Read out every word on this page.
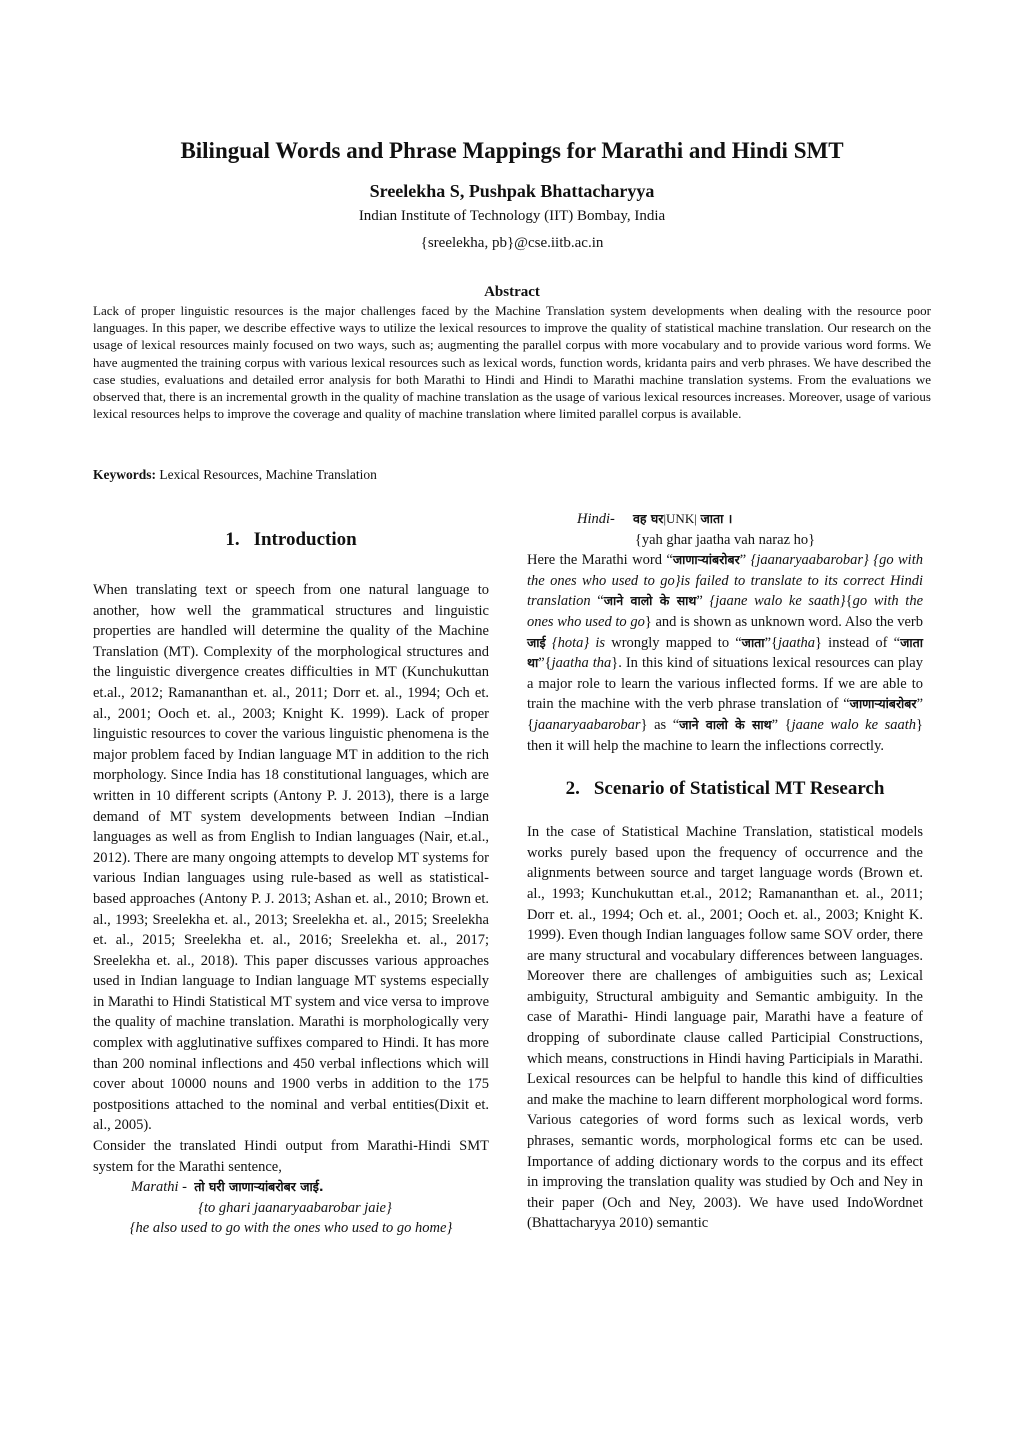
Bilingual Words and Phrase Mappings for Marathi and Hindi SMT
Sreelekha S, Pushpak Bhattacharyya
Indian Institute of Technology (IIT) Bombay, India
{sreelekha, pb}@cse.iitb.ac.in
Abstract
Lack of proper linguistic resources is the major challenges faced by the Machine Translation system developments when dealing with the resource poor languages. In this paper, we describe effective ways to utilize the lexical resources to improve the quality of statistical machine translation. Our research on the usage of lexical resources mainly focused on two ways, such as; augmenting the parallel corpus with more vocabulary and to provide various word forms. We have augmented the training corpus with various lexical resources such as lexical words, function words, kridanta pairs and verb phrases. We have described the case studies, evaluations and detailed error analysis for both Marathi to Hindi and Hindi to Marathi machine translation systems. From the evaluations we observed that, there is an incremental growth in the quality of machine translation as the usage of various lexical resources increases. Moreover, usage of various lexical resources helps to improve the coverage and quality of machine translation where limited parallel corpus is available.
Keywords: Lexical Resources, Machine Translation
1. Introduction

When translating text or speech from one natural language to another, how well the grammatical structures and linguistic properties are handled will determine the quality of the Machine Translation (MT). Complexity of the morphological structures and the linguistic divergence creates difficulties in MT (Kunchukuttan et.al., 2012; Ramananthan et. al., 2011; Dorr et. al., 1994; Och et. al., 2001; Ooch et. al., 2003; Knight K. 1999). Lack of proper linguistic resources to cover the various linguistic phenomena is the major problem faced by Indian language MT in addition to the rich morphology. Since India has 18 constitutional languages, which are written in 10 different scripts (Antony P. J. 2013), there is a large demand of MT system developments between Indian –Indian languages as well as from English to Indian languages (Nair, et.al., 2012). There are many ongoing attempts to develop MT systems for various Indian languages using rule-based as well as statistical-based approaches (Antony P. J. 2013; Ashan et. al., 2010; Brown et. al., 1993; Sreelekha et. al., 2013; Sreelekha et. al., 2015; Sreelekha et. al., 2015; Sreelekha et. al., 2016; Sreelekha et. al., 2017; Sreelekha et. al., 2018). This paper discusses various approaches used in Indian language to Indian language MT systems especially in Marathi to Hindi Statistical MT system and vice versa to improve the quality of machine translation. Marathi is morphologically very complex with agglutinative suffixes compared to Hindi. It has more than 200 nominal inflections and 450 verbal inflections which will cover about 10000 nouns and 1900 verbs in addition to the 175 postpositions attached to the nominal and verbal entities(Dixit et. al., 2005).

Consider the translated Hindi output from Marathi-Hindi SMT system for the Marathi sentence,

Marathi - तो घरी जाणाऱ्यांबरोबर जाई.
{to ghari jaanaryaabarobar jaie}
{he also used to go with the ones who used to go home}
Hindi- वह घर|UNK| जाता ।
{yah ghar jaatha vah naraz ho}

Here the Marathi word “जाणाऱ्यांबरोबर” {jaanaryaabarobar} {go with the ones who used to go}is failed to translate to its correct Hindi translation “जाने वालो के साथ” {jaane walo ke saath}{go with the ones who used to go} and is shown as unknown word. Also the verb जाई {hota} is wrongly mapped to “जाता”{jaatha} instead of “जाता था”{jaatha tha}. In this kind of situations lexical resources can play a major role to learn the various inflected forms. If we are able to train the machine with the verb phrase translation of “जाणाऱ्यांबरोबर” {jaanaryaabarobar} as “जाने वालो के साथ” {jaane walo ke saath} then it will help the machine to learn the inflections correctly.

2. Scenario of Statistical MT Research

In the case of Statistical Machine Translation, statistical models works purely based upon the frequency of occurrence and the alignments between source and target language words (Brown et. al., 1993; Kunchukuttan et.al., 2012; Ramananthan et. al., 2011; Dorr et. al., 1994; Och et. al., 2001; Ooch et. al., 2003; Knight K. 1999). Even though Indian languages follow same SOV order, there are many structural and vocabulary differences between languages. Moreover there are challenges of ambiguities such as; Lexical ambiguity, Structural ambiguity and Semantic ambiguity. In the case of Marathi- Hindi language pair, Marathi have a feature of dropping of subordinate clause called Participial Constructions, which means, constructions in Hindi having Participials in Marathi. Lexical resources can be helpful to handle this kind of difficulties and make the machine to learn different morphological word forms. Various categories of word forms such as lexical words, verb phrases, semantic words, morphological forms etc can be used. Importance of adding dictionary words to the corpus and its effect in improving the translation quality was studied by Och and Ney in their paper (Och and Ney, 2003). We have used IndoWordnet (Bhattacharyya 2010) semantic
